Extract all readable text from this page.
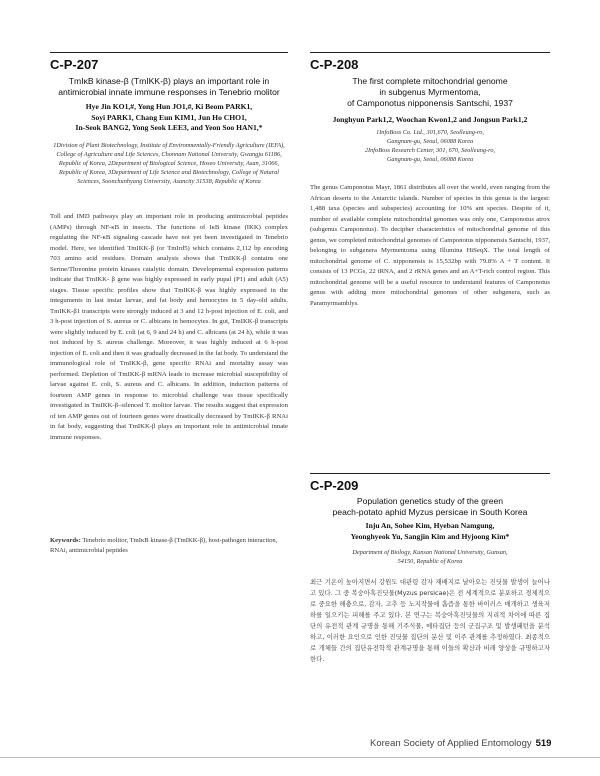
C-P-207
TmIκB kinase-β (TmIKK-β) plays an important role in
antimicrobial innate immune responses in Tenebrio molitor
Hye Jin KO1,#, Yong Hun JO1,#, Ki Beom PARK1,
Soyi PARK1, Chang Eun KIM1, Jun Ho CHO1,
In-Seok BANG2, Yong Seok LEE3, and Yeon Soo HAN1,*
1Division of Plant Biotechnology, Institute of Environmentally-Friendly Agriculture (IEFA), College of Agriculture and Life Sciences, Chonnam National University, Gwangju 61186, Republic of Korea, 2Department of Biological Science, Hoseo University, Asan, 31066, Republic of Korea, 3Department of Life Science and Biotechnology, College of Natural Sciences, Soonchunhyang University, Asancity 31538, Republic of Korea
Toll and IMD pathways play an important role in producing antimicrobial peptides (AMPs) through NF-κB in insects. The functions of IκB kinase (IKK) complex regulating the NF-κB signaling cascade have not yet been investigated in Tenebrio model. Here, we identified TmIKK-β (or TmIrd5) which contains 2,112 bp encoding 703 amino acid residues. Domain analysis shows that TmIKK-β contains one Serine/Threonine protein kinases catalytic domain. Developmental expression patterns indicate that TmIKK- β gene was highly expressed in early pupal (P1) and adult (A5) stages. Tissue specific profiles show that TmIKK-β was highly expressed in the integuments in last instar larvae, and fat body and hemocytes in 5 day-old adults. TmIKK-β1 transcripts were strongly induced at 3 and 12 h-post injection of E. coli, and 3 h-post injection of S. aureus or C. albicans in hemocytes. In gut, TmIKK-β transcripts were slightly induced by E. coli (at 6, 9 and 24 h) and C. albicans (at 24 h), while it was not induced by S. aureus challenge. Moreover, it was highly induced at 6 h-post injection of E. coli and then it was gradually decreased in the fat body. To understand the immunological role of TmIKK-β, gene specific RNAi and mortality assay was performed. Depletion of TmIKK-β mRNA leads to increase microbial susceptibility of larvae against E. coli, S. aureus and C. albicans. In addition, induction patterns of fourteen AMP genes in response to microbial challenge was tissue specifically investigated in TmIKK-β–silenced T. molitor larvae. The results suggest that expression of ten AMP genes out of fourteen genes were drastically decreased by TmIKK-β RNAi in fat body, suggesting that TmIKK-β plays an important role in antimicrobial innate immune responses.
Keywords: Tenebrio molitor, TmIκB kinase-β (TmIKK-β), host-pathogen interaction, RNAi, antimicrobial peptides
C-P-208
The first complete mitochondrial genome
in subgenus Myrmentoma,
of Camponotus nipponensis Santschi, 1937
Jonghyun Park1,2, Woochan Kwon1,2 and Jongsun Park1,2
1InfoBoss Co. Ltd., 301,670, Seolleung-ro,
Gangnam-gu, Seoul, 06088 Korea
2InfoBoss Research Center, 301, 670, Seolleung-ro,
Gangnam-gu, Seoul, 06088 Korea
The genus Camponotus Mayr, 1861 distributes all over the world, even ranging from the African deserts to the Antarctic islands. Number of species in this genus is the largest: 1,488 taxa (species and subspecies) accounting for 10% ant species. Despite of it, number of available complete mitochondrial genomes was only one, Camponotus atrox (subgenus Camponotus). To decipher characteristics of mitochondrial genome of this genus, we completed mitochondrial genomes of Camponotus nipponensis Santschi, 1937, belonging to subgenera Myrmentoma using Illumina HiSeqX. The total length of mitochondrial genome of C. nipponensis is 15,532bp with 79.8% A + T content. It consists of 13 PCGs, 22 tRNA, and 2 rRNA genes and an A+T-rich control region. This mitochondrial genome will be a useful resource to understand features of Camponotus genus with adding more mitochondrial genomes of other subgenera, such as Paramyrmamblys.
C-P-209
Population genetics study of the green
peach-potato aphid Myzus persicae in South Korea
Inju An, Sohee Kim, Hyeban Namgung,
Yeonghyeok Yu, Sangjin Kim and Hyjoong Kim*
Department of Biology, Kunsan National University, Gunsan,
54150, Republic of Korea
최근 기온이 높아지면서 강원도 대관령 감자 재배지로 날아오는 진딧물 발생이 늘어나고 있다. 그 중 복숭아혹진딧물(Myzus persicae)은 전 세계적으로 분포하고 경제적으로 중요한 해충으로, 감자, 고추 등 노지작물에 흡즙을 통한 바이러스 매개하고 생육저하를 일으키는 피해를 주고 있다. 본 연구는 복숭아혹진딧물의 지리적 차이에 따른 집단의 유전적 관계 규명을 통해 기주식물, 메타집단 등의 군집구조 및 발생패턴을 분석하고, 이러한 요인으로 인한 진딧물 집단의 분산 및 이주 관계를 추정하였다. 최종적으로 개체들 간의 집단유전학적 관계규명을 통해 이들의 확산과 비래 양상을 규명하고자 한다.
Korean Society of Applied Entomology 519
